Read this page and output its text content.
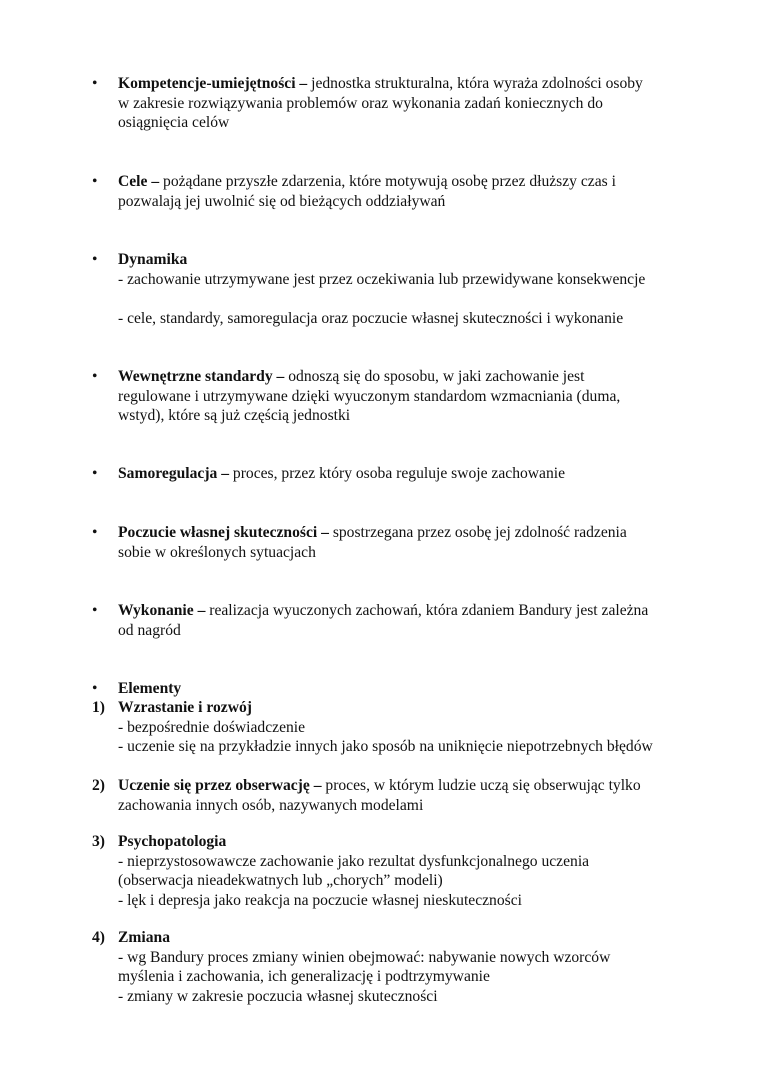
•	Kompetencje-umiejętności – jednostka strukturalna, która wyraża zdolności osoby
w zakresie rozwiązywania problemów oraz wykonania zadań koniecznych do
osiągnięcia celów
•	Cele – pożądane przyszłe zdarzenia, które motywują osobę przez dłuższy czas i
pozwalają jej uwolnić się od bieżących oddziaływań
•	Dynamika
- zachowanie utrzymywane jest przez oczekiwania lub przewidywane konsekwencje
- cele, standardy, samoregulacja oraz poczucie własnej skuteczności i wykonanie
•	Wewnętrzne standardy – odnoszą się do sposobu, w jaki zachowanie jest
regulowane i utrzymywane dzięki wyuczonym standardom wzmacniania (duma,
wstyd), które są już częścią jednostki
•	Samoregulacja – proces, przez który osoba reguluje swoje zachowanie
•	Poczucie własnej skuteczności – spostrzegana przez osobę jej zdolność radzenia
sobie w określonych sytuacjach
•	Wykonanie – realizacja wyuczonych zachowań, która zdaniem Bandury jest zależna
od nagród
•	Elementy
1) Wzrastanie i rozwój
- bezpośrednie doświadczenie
- uczenie się na przykładzie innych jako sposób na uniknięcie niepotrzebnych błędów
2) Uczenie się przez obserwację – proces, w którym ludzie uczą się obserwując tylko
zachowania innych osób, nazywanych modelami
3) Psychopatologia
- nieprzystosowawcze zachowanie jako rezultat dysfunkcjonalnego uczenia
(obserwacja nieadekwatnych lub „chorych” modeli)
- lęk i depresja jako reakcja na poczucie własnej nieskuteczności
4) Zmiana
- wg Bandury proces zmiany winien obejmować: nabywanie nowych wzorców
myślenia i zachowania, ich generalizację i podtrzymywanie
- zmiany w zakresie poczucia własnej skuteczności
